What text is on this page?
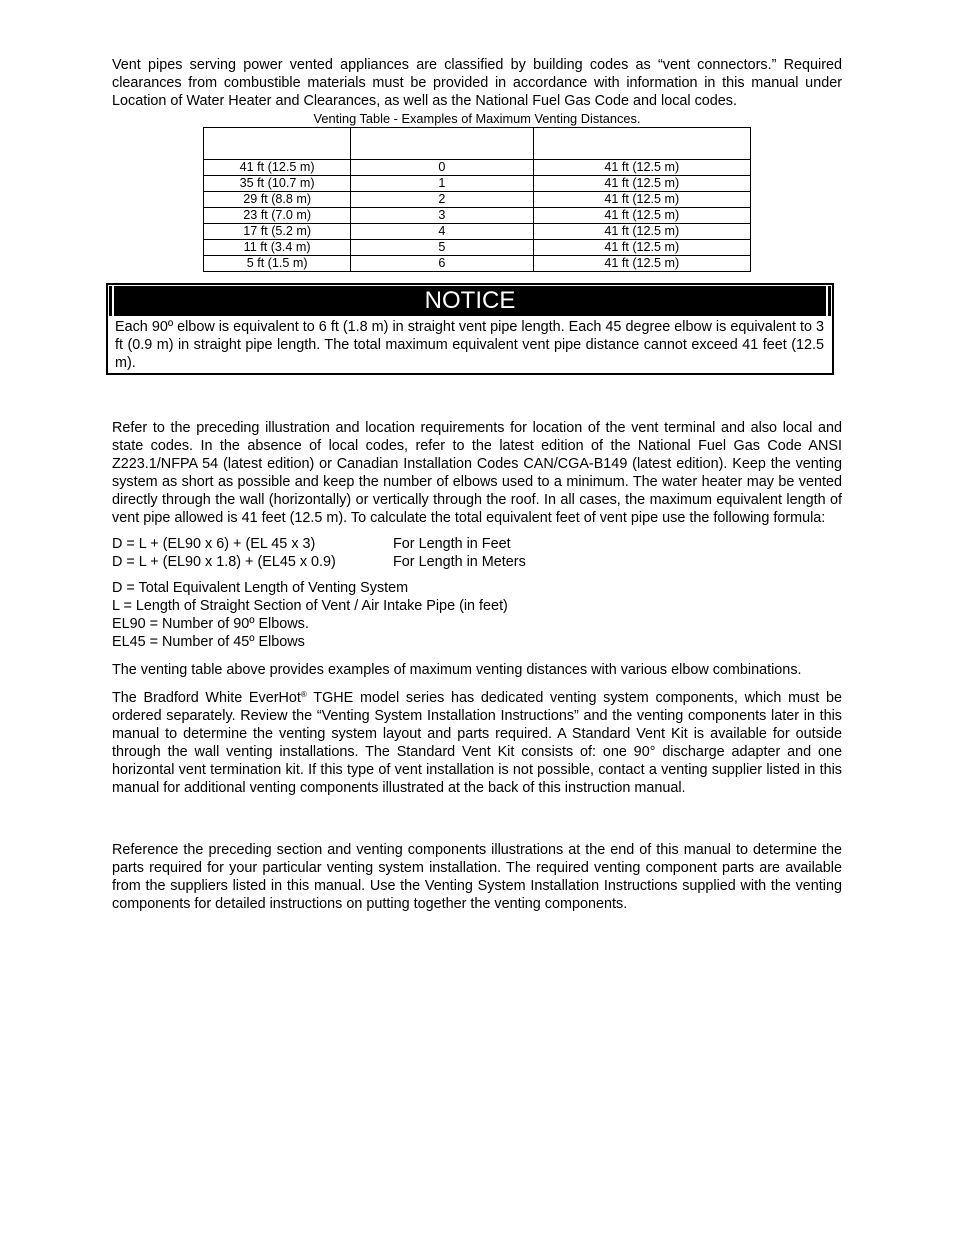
Vent pipes serving power vented appliances are classified by building codes as “vent connectors.” Required clearances from combustible materials must be provided in accordance with information in this manual under Location of Water Heater and Clearances, as well as the National Fuel Gas Code and local codes.

Venting Table - Examples of Maximum Venting Distances.

41 ft (12.5 m)	0	41 ft (12.5 m)
35 ft (10.7 m)	1	41 ft (12.5 m)
29 ft (8.8 m)	2	41 ft (12.5 m)
23 ft (7.0 m)	3	41 ft (12.5 m)
17 ft (5.2 m)	4	41 ft (12.5 m)
11 ft (3.4 m)	5	41 ft (12.5 m)
5 ft (1.5 m)	6	41 ft (12.5 m)
NOTICE
Each 90º elbow is equivalent to 6 ft (1.8 m) in straight vent pipe length. Each 45 degree elbow is equivalent to 3 ft (0.9 m) in straight pipe length. The total maximum equivalent vent pipe distance cannot exceed 41 feet (12.5 m).

Refer to the preceding illustration and location requirements for location of the vent terminal and also local and state codes. In the absence of local codes, refer to the latest edition of the National Fuel Gas Code ANSI Z223.1/NFPA 54 (latest edition) or Canadian Installation Codes CAN/CGA-B149 (latest edition). Keep the venting system as short as possible and keep the number of elbows used to a minimum. The water heater may be vented directly through the wall (horizontally) or vertically through the roof. In all cases, the maximum equivalent length of vent pipe allowed is 41 feet (12.5 m). To calculate the total equivalent feet of vent pipe use the following formula:

D = L + (EL90 x 6) + (EL 45 x 3)	For Length in Feet
D = L + (EL90 x 1.8) + (EL45 x 0.9)	For Length in Meters

D = Total Equivalent Length of Venting System

L = Length of Straight Section of Vent / Air Intake Pipe (in feet)

EL90 = Number of 90º Elbows.

EL45 = Number of 45º Elbows

The venting table above provides examples of maximum venting distances with various elbow combinations.

The Bradford White EverHot® TGHE model series has dedicated venting system components, which must be ordered separately. Review the “Venting System Installation Instructions” and the venting components later in this manual to determine the venting system layout and parts required. A Standard Vent Kit is available for outside through the wall venting installations. The Standard Vent Kit consists of: one 90° discharge adapter and one horizontal vent termination kit. If this type of vent installation is not possible, contact a venting supplier listed in this manual for additional venting components illustrated at the back of this instruction manual.

Reference the preceding section and venting components illustrations at the end of this manual to determine the parts required for your particular venting system installation. The required venting component parts are available from the suppliers listed in this manual. Use the Venting System Installation Instructions supplied with the venting components for detailed instructions on putting together the venting components.
